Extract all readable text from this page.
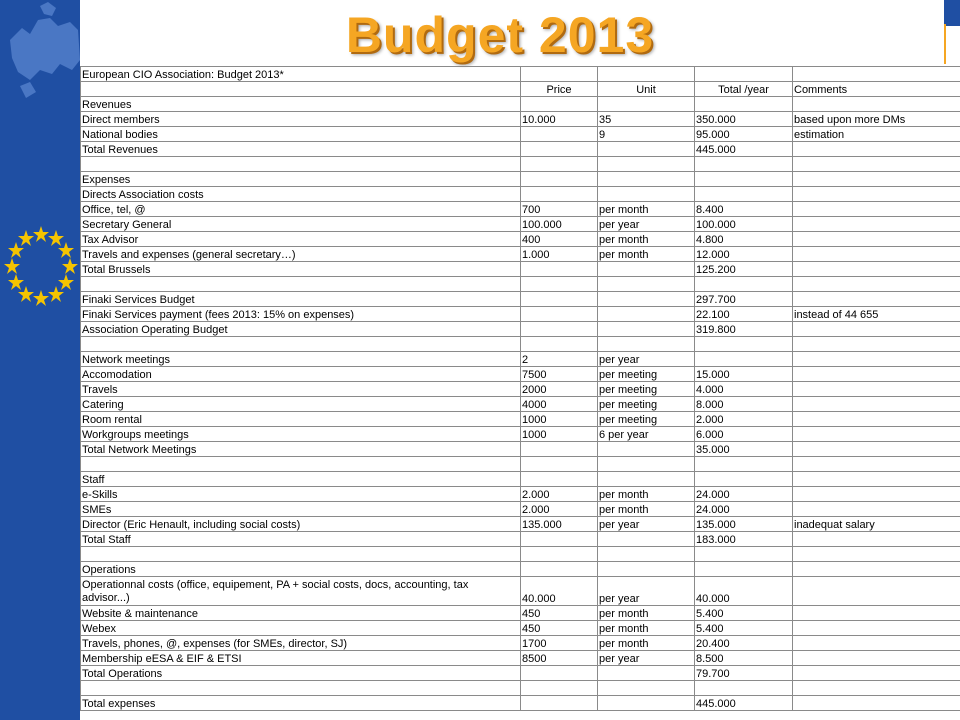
Budget 2013
European CIO Association: Budget 2013*				
	Price	Unit	Total /year	Comments
Revenues				
Direct members	10.000	35	350.000	based upon more DMs
National bodies		9	95.000	estimation
Total Revenues			445.000	

Expenses				
Directs Association costs				
Office, tel, @	700	per month	8.400	
Secretary General	100.000	per year	100.000	
Tax Advisor	400	per month	4.800	
Travels and expenses (general secretary…)	1.000	per month	12.000	
Total Brussels			125.200	

Finaki Services Budget			297.700	
Finaki Services payment (fees 2013: 15% on expenses)			22.100	instead of 44 655
Association Operating Budget			319.800	

Network meetings	2	per year		
Accomodation	7500	per meeting	15.000	
Travels	2000	per meeting	4.000	
Catering	4000	per meeting	8.000	
Room rental	1000	per meeting	2.000	
Workgroups meetings	1000	6 per year	6.000	
Total Network Meetings			35.000	

Staff				
e-Skills	2.000	per month	24.000	
SMEs	2.000	per month	24.000	
Director (Eric Henault, including social costs)	135.000	per year	135.000	inadequat salary
Total Staff			183.000	

Operations				
Operationnal costs (office, equipement, PA + social costs, docs, accounting, tax advisor...)	40.000	per year	40.000	
Website & maintenance	450	per month	5.400	
Webex	450	per month	5.400	
Travels, phones, @, expenses (for SMEs, director, SJ)	1700	per month	20.400	
Membership eESA & EIF & ETSI	8500	per year	8.500	
Total Operations			79.700	

Total expenses			445.000	
